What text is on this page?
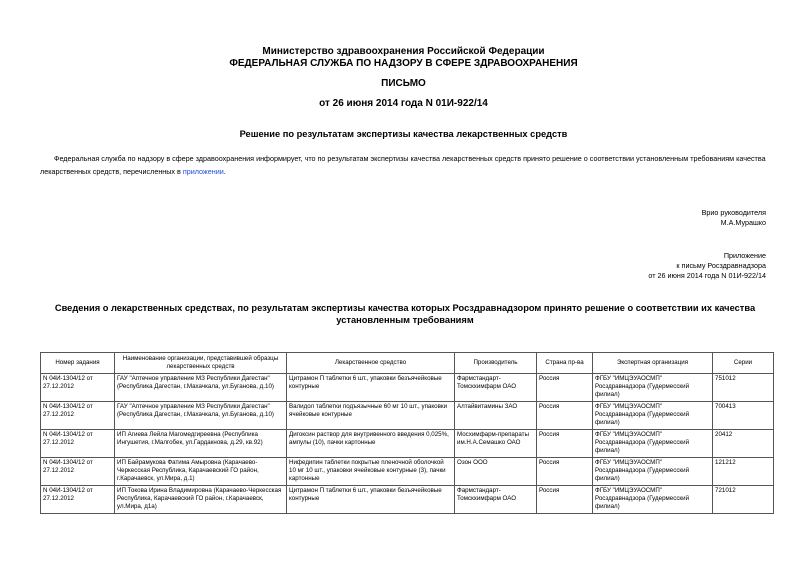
Министерство здравоохранения Российской Федерации
ФЕДЕРАЛЬНАЯ СЛУЖБА ПО НАДЗОРУ В СФЕРЕ ЗДРАВООХРАНЕНИЯ
ПИСЬМО
от 26 июня 2014 года N 01И-922/14
Решение по результатам экспертизы качества лекарственных средств
Федеральная служба по надзору в сфере здравоохранения информирует, что по результатам экспертизы качества лекарственных средств принято решение о соответствии установленным требованиям качества лекарственных средств, перечисленных в приложении.
Врио руководителя
М.А.Мурашко
Приложение
к письму Росздравнадзора
от 26 июня 2014 года N 01И-922/14
Сведения о лекарственных средствах, по результатам экспертизы качества которых Росздравнадзором принято решение о соответствии их качества установленным требованиям
Номер задания	Наименование организации, представившей образцы лекарственных средств	Лекарственное средство	Производитель	Страна пр-ва	Экспертная организация	Серии
N 04И-1304/12 от 27.12.2012	ГАУ "Аптечное управление МЗ Республики Дагестан" (Республика Дагестан, г.Махачкала, ул.Буганова, д.10)	Цитрамон П таблетки 6 шт., упаковки безъячейковые контурные	Фармстандарт-Томскхимфарм ОАО	Россия	ФГБУ "ИМЦЭУАОСМП" Росздравнадзора (Гудермесский филиал)	751012
N 04И-1304/12 от 27.12.2012	ГАУ "Аптечное управление МЗ Республики Дагестан" (Республика Дагестан, г.Махачкала, ул.Буганова, д.10)	Валидол таблетки подъязычные 60 мг 10 шт., упаковки ячейковые контурные	Алтайвитамины ЗАО	Россия	ФГБУ "ИМЦЭУАОСМП" Росздравнадзора (Гудермесский филиал)	700413
N 04И-1304/12 от 27.12.2012	ИП Агиева Лейла Магомедгиреевна (Республика Ингушетия, г.Малгобек, ул.Гардакнова, д.29, кв.92)	Дигоксин раствор для внутривенного введения 0,025%, ампулы (10), пачки картонные	Мосхимфарм-препараты им.Н.А.Семашко ОАО	Россия	ФГБУ "ИМЦЭУАОСМП" Росздравнадзора (Гудермесский филиал)	20412
N 04И-1304/12 от 27.12.2012	ИП Байрамукова Фатима Амыровна (Карачаево-Черкесская Республика, Карачаевский ГО район, г.Карачаевск, ул.Мира, д.1)	Нифедипин таблетки покрытые пленочной оболочкой 10 мг 10 шт., упаковки ячейковые контурные (3), пачки картонные	Озон ООО	Россия	ФГБУ "ИМЦЭУАОСМП" Росздравнадзора (Гудермесский филиал)	121212
N 04И-1304/12 от 27.12.2012	ИП Токова Ирина Владимировна (Карачаево-Черкесская Республика, Карачаевский ГО район, г.Карачаевск, ул.Мира, д1а)	Цитрамон П таблетки 6 шт., упаковки безъячейковые контурные	Фармстандарт-Томскхимфарм ОАО	Россия	ФГБУ "ИМЦЭУАОСМП" Росздравнадзора (Гудермесский филиал)	721012
